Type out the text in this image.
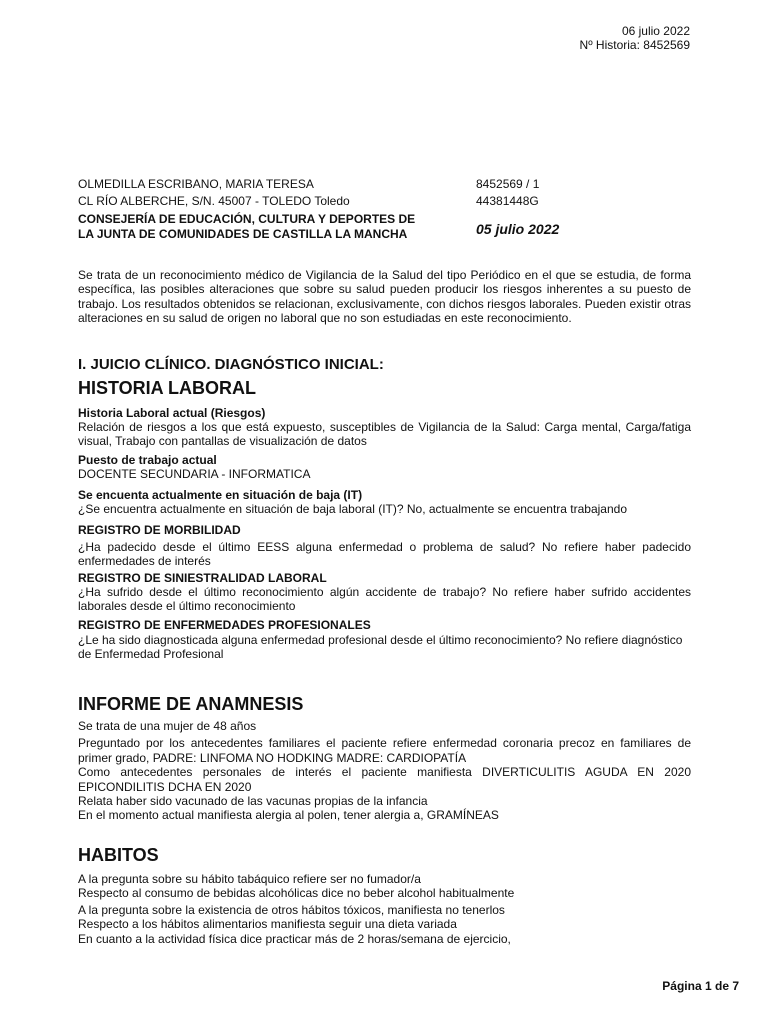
06 julio 2022
Nº Historia: 8452569
OLMEDILLA ESCRIBANO, MARIA TERESA
CL RÍO ALBERCHE, S/N. 45007 - TOLEDO Toledo
CONSEJERÍA DE EDUCACIÓN, CULTURA Y DEPORTES DE
LA JUNTA DE COMUNIDADES DE CASTILLA LA MANCHA
8452569 / 1
44381448G
05 julio 2022
Se trata de un reconocimiento médico de Vigilancia de la Salud del tipo Periódico en el que se estudia, de forma específica, las posibles alteraciones que sobre su salud pueden producir los riesgos inherentes a su puesto de trabajo. Los resultados obtenidos se relacionan, exclusivamente, con dichos riesgos laborales. Pueden existir otras alteraciones en su salud de origen no laboral que no son estudiadas en este reconocimiento.
I. JUICIO CLÍNICO. DIAGNÓSTICO INICIAL:
HISTORIA LABORAL
Historia Laboral actual (Riesgos)
Relación de riesgos a los que está expuesto, susceptibles de Vigilancia de la Salud: Carga mental, Carga/fatiga visual, Trabajo con pantallas de visualización de datos
Puesto de trabajo actual
DOCENTE SECUNDARIA - INFORMATICA
Se encuenta actualmente en situación de baja (IT)
¿Se encuentra actualmente en situación de baja laboral (IT)? No, actualmente se encuentra trabajando
REGISTRO DE MORBILIDAD
¿Ha padecido desde el último EESS alguna enfermedad o problema de salud? No refiere haber padecido enfermedades de interés
REGISTRO DE SINIESTRALIDAD LABORAL
¿Ha sufrido desde el último reconocimiento algún accidente de trabajo? No refiere haber sufrido accidentes laborales desde el último reconocimiento
REGISTRO DE ENFERMEDADES PROFESIONALES
¿Le ha sido diagnosticada alguna enfermedad profesional desde el último reconocimiento? No refiere diagnóstico de Enfermedad Profesional
INFORME DE ANAMNESIS
Se trata de una mujer de 48 años
Preguntado por los antecedentes familiares el paciente refiere enfermedad coronaria precoz en familiares de primer grado, PADRE: LINFOMA NO HODKING MADRE: CARDIOPATÍA
Como antecedentes personales de interés el paciente manifiesta DIVERTICULITIS AGUDA EN 2020 EPICONDILITIS DCHA EN 2020
Relata haber sido vacunado de las vacunas propias de la infancia
En el momento actual manifiesta alergia al polen, tener alergia a, GRAMÍNEAS
HABITOS
A la pregunta sobre su hábito tabáquico refiere ser no fumador/a
Respecto al consumo de bebidas alcohólicas dice no beber alcohol habitualmente
A la pregunta sobre la existencia de otros hábitos tóxicos, manifiesta no tenerlos
Respecto a los hábitos alimentarios manifiesta seguir una dieta variada
En cuanto a la actividad física dice practicar más de 2 horas/semana de ejercicio,
Página 1 de 7
